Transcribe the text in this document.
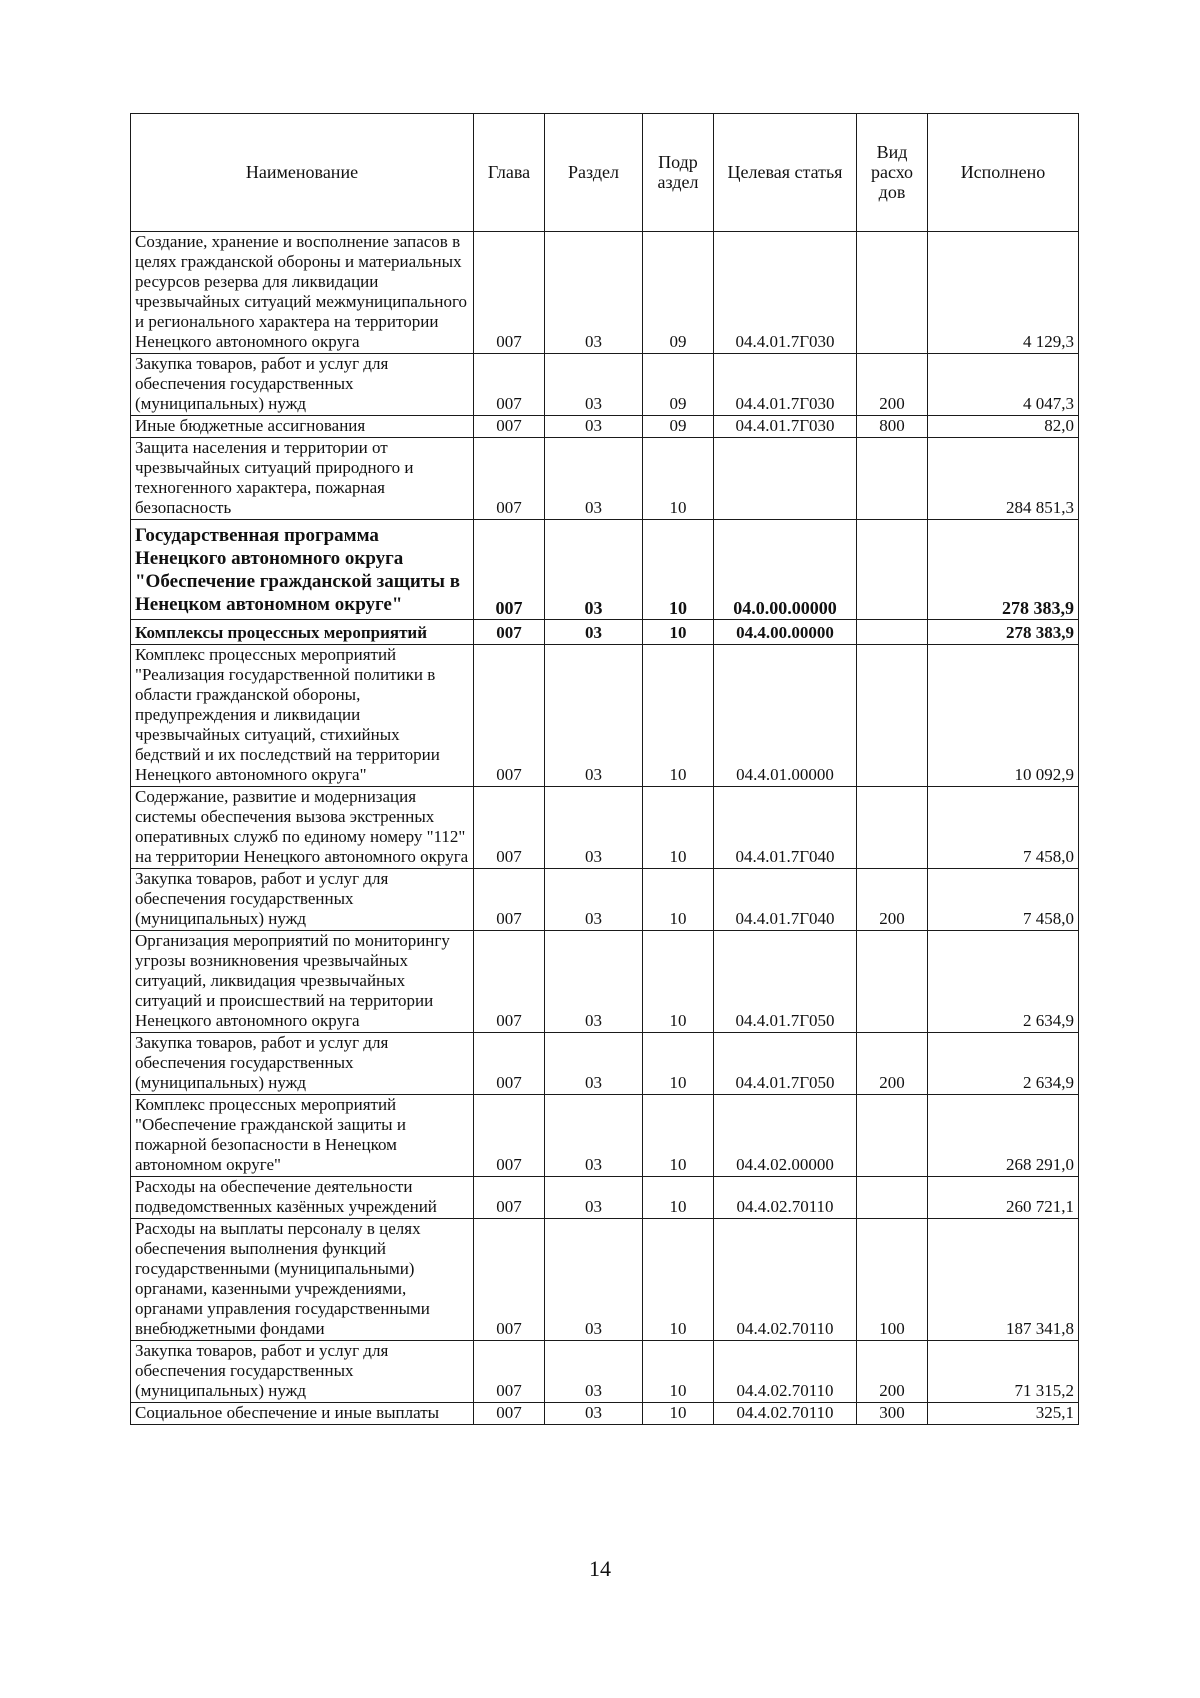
Наименование	Глава	Раздел	Подр аздел	Целевая статья	Вид расхо дов	Исполнено
Создание, хранение и восполнение запасов в целях гражданской обороны и материальных ресурсов резерва для ликвидации чрезвычайных ситуаций межмуниципального и регионального характера на территории Ненецкого автономного округа	007	03	09	04.4.01.7Г030		4 129,3
Закупка товаров, работ и услуг для обеспечения государственных (муниципальных) нужд	007	03	09	04.4.01.7Г030	200	4 047,3
Иные бюджетные ассигнования	007	03	09	04.4.01.7Г030	800	82,0
Защита населения и территории от чрезвычайных ситуаций природного и техногенного характера, пожарная безопасность	007	03	10			284 851,3
Государственная программа Ненецкого автономного округа "Обеспечение гражданской защиты в Ненецком автономном округе"	007	03	10	04.0.00.00000		278 383,9
Комплексы процессных мероприятий	007	03	10	04.4.00.00000		278 383,9
Комплекс процессных мероприятий "Реализация государственной политики в области гражданской обороны, предупреждения и ликвидации чрезвычайных ситуаций, стихийных бедствий и их последствий на территории Ненецкого автономного округа"	007	03	10	04.4.01.00000		10 092,9
Содержание, развитие и модернизация системы обеспечения вызова экстренных оперативных служб по единому номеру "112" на территории Ненецкого автономного округа	007	03	10	04.4.01.7Г040		7 458,0
Закупка товаров, работ и услуг для обеспечения государственных (муниципальных) нужд	007	03	10	04.4.01.7Г040	200	7 458,0
Организация мероприятий по мониторингу угрозы возникновения чрезвычайных ситуаций, ликвидация чрезвычайных ситуаций и происшествий на территории Ненецкого автономного округа	007	03	10	04.4.01.7Г050		2 634,9
Закупка товаров, работ и услуг для обеспечения государственных (муниципальных) нужд	007	03	10	04.4.01.7Г050	200	2 634,9
Комплекс процессных мероприятий "Обеспечение гражданской защиты и пожарной безопасности в Ненецком автономном округе"	007	03	10	04.4.02.00000		268 291,0
Расходы на обеспечение деятельности подведомственных казённых учреждений	007	03	10	04.4.02.70110		260 721,1
Расходы на выплаты персоналу в целях обеспечения выполнения функций государственными (муниципальными) органами, казенными учреждениями, органами управления государственными внебюджетными фондами	007	03	10	04.4.02.70110	100	187 341,8
Закупка товаров, работ и услуг для обеспечения государственных (муниципальных) нужд	007	03	10	04.4.02.70110	200	71 315,2
Социальное обеспечение и иные выплаты	007	03	10	04.4.02.70110	300	325,1
14
